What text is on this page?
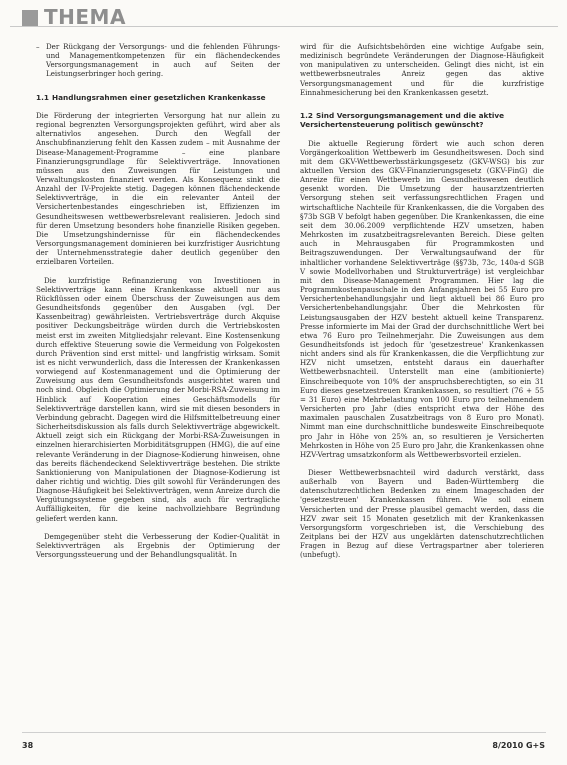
THEMA
– Der Rückgang der Versorgungs- und die fehlenden Führungs- und Managementkompetenzen für ein flächendeckendes Versorgungsmanagement in auch auf Seiten der Leistungserbringer hoch gering.
1.1 Handlungsrahmen einer gesetzlichen Krankenkasse

Die Förderung der integrierten Versorgung hat nur allein zu regional begrenzten Versorgungsprojekten geführt, wird aber als alternativlos angesehen. Durch den Wegfall der Anschubfinanzierung fehlt den Kassen zudem – mit Ausnahme der Disease-Management-Programme – eine planbare Finanzierungsgrundlage für Selektivverträge. Innovationen müssen aus den Zuweisungen für Leistungen und Verwaltungskosten finanziert werden. Als Konsequenz sinkt die Anzahl der IV-Projekte stetig. Dagegen können flächendeckende Selektivverträge, in die ein relevanter Anteil der Versichertenbestandes eingeschrieben ist, Effizienzen im Gesundheitswesen wettbewerbsrelevant realisieren. Jedoch sind für deren Umsetzung besonders hohe finanzielle Risiken gegeben. Die Umsetzungshindernisse für ein flächendeckendes Versorgungsmanagement dominieren bei kurzfristiger Ausrichtung der Unternehmensstrategie daher deutlich gegenüber den erzielbaren Vorteilen.

Die kurzfristige Refinanzierung von Investitionen in Selektivverträge kann eine Krankenkasse aktuell nur aus Rückflüssen oder einem Überschuss der Zuweisungen aus dem Gesundheitsfonds gegenüber den Ausgaben (vgl. Der Kassenbeitrag) gewährleisten. Vertriebsverträge durch Akquise positiver Deckungsbeiträge würden durch die Vertriebskosten meist erst im zweiten Mitgliedsjahr relevant. Eine Kostensenkung durch effektive Steuerung sowie die Vermeidung von Folgekosten durch Prävention sind erst mittel- und langfristig wirksam. Somit ist es nicht verwunderlich, dass die Interessen der Krankenkassen vorwiegend auf Kostenmanagement und die Optimierung der Zuweisung aus dem Gesundheitsfonds ausgerichtet waren und noch sind. Obgleich die Optimierung der Morbi-RSA-Zuweisung im Hinblick auf Kooperation eines Geschäftsmodells für Selektivverträge darstellen kann, wird sie mit diesen besonders in Verbindung gebracht. Dagegen wird die Hilfsmittelbetreuung einer Sicherheitsdiskussion als falls durch Selektivverträge abgewickelt. Aktuell zeigt sich ein Rückgang der Morbi-RSA-Zuweisungen in einzelnen hierarchisierten Morbiditätsgruppen (HMG), die auf eine relevante Veränderung in der Diagnose-Kodierung hinweisen, ohne das bereits flächendeckend Selektivverträge bestehen. Die strikte Sanktionierung von Manipulationen der Diagnose-Kodierung ist daher richtig und wichtig. Dies gilt sowohl für Veränderungen des Diagnose-Häufigkeit bei Selektivverträgen, wenn Anreize durch die Vergütungssysteme gegeben sind, als auch für vertragliche Auffälligkeiten, für die keine nachvollziehbare Begründung geliefert werden kann.

Demgegenüber steht die Verbesserung der Kodier-Qualität in Selektivverträgen als Ergebnis der Optimierung der Versorgungssteuerung und der Behandlungsqualität. In

wird für die Aufsichtsbehörden eine wichtige Aufgabe sein, medizinisch begründete Veränderungen der Diagnose-Häufigkeit von manipulativen zu unterscheiden. Gelingt dies nicht, ist ein wettbewerbsneutrales Anreiz gegen das aktive Versorgungsmanagement und für die kurzfristige Einnahmesicherung bei den Krankenkassen gesetzt.

1.2 Sind Versorgungsmanagement und die aktive Versichertensteuerung politisch gewünscht?

Die aktuelle Regierung fördert wie auch schon deren Vorgängerkoalition Wettbewerb im Gesundheitswesen. Doch sind mit dem GKV-Wettbewerbsstärkungsgesetz (GKV-WSG) bis zur aktuellen Version des GKV-Finanzierungsgesetz (GKV-FinG) die Anreize für einen Wettbewerb im Gesundheitswesen deutlich gesenkt worden. Die Umsetzung der hausarztzentrierten Versorgung stehen seit verfassungsrechtlichen Fragen und wirtschaftliche Nachteile für Krankenkassen, die die Vorgaben des §73b SGB V befolgt haben gegenüber. Die Krankenkassen, die eine seit dem 30.06.2009 verpflichtende HZV umsetzen, haben Mehrkosten im zusatzbeitragsrelevanten Bereich. Diese gelten auch in Mehrausgaben für Programmkosten und Beitragszuwendungen. Der Verwaltungsaufwand der für inhaltlicher vorhandene Selektivverträge (§§73b, 73c, 140a-d SGB V sowie Modellvorhaben und Strukturverträge) ist vergleichbar mit den Disease-Management Programmen. Hier lag die Programmkostenpauschale in den Anfangsjahren bei 55 Euro pro Versichertenbehandlungsjahr und liegt aktuell bei 86 Euro pro Versichertenbehandlungsjahr. Über die Mehrkosten für Leistungsausgaben der HZV besteht aktuell keine Transparenz. Presse informierte im Mai der Grad der durchschnittliche Wert bei etwa 76 Euro pro Teilnehmerjahr. Die Zuweisungen aus dem Gesundheitsfonds ist jedoch für 'gesetzestreue' Krankenkassen nicht anders sind als für Krankenkassen, die die Verpflichtung zur HZV nicht umsetzen, entsteht daraus ein dauerhafter Wettbewerbsnachteil. Unterstellt man eine (ambitionierte) Einschreibequote von 10% der anspruchsberechtigten, so ein 31 Euro dieses gesetzestreuen Krankenkassen, so resultiert (76 + 55 = 31 Euro) eine Mehrbelastung von 100 Euro pro teilnehmendem Versicherten pro Jahr (dies entspricht etwa der Höhe des maximalen pauschalen Zusatzbeitrags von 8 Euro pro Monat). Nimmt man eine durchschnittliche bundesweite Einschreibequote pro Jahr in Höhe von 25% an, so resultieren je Versicherten Mehrkosten in Höhe von 25 Euro pro Jahr, die Krankenkassen ohne HZV-Vertrag umsatzkonform als Wettbewerbsvorteil erzielen.

Dieser Wettbewerbsnachteil wird dadurch verstärkt, dass außerhalb von Bayern und Baden-Württemberg die datenschutzrechtlichen Bedenken zu einem Imageschaden der 'gesetzestreuen' Krankenkassen führen. Wie soll einem Versicherten und der Presse plausibel gemacht werden, dass die HZV zwar seit 15 Monaten gesetzlich mit der Krankenkassen Versorgungsform vorgeschrieben ist, die Verschiebung des Zeitplans bei der HZV aus ungeklärten datenschutzrechtlichen Fragen in Bezug auf diese Vertragspartner aber tolerieren (unbefugt).

38	8/2010 G+S
